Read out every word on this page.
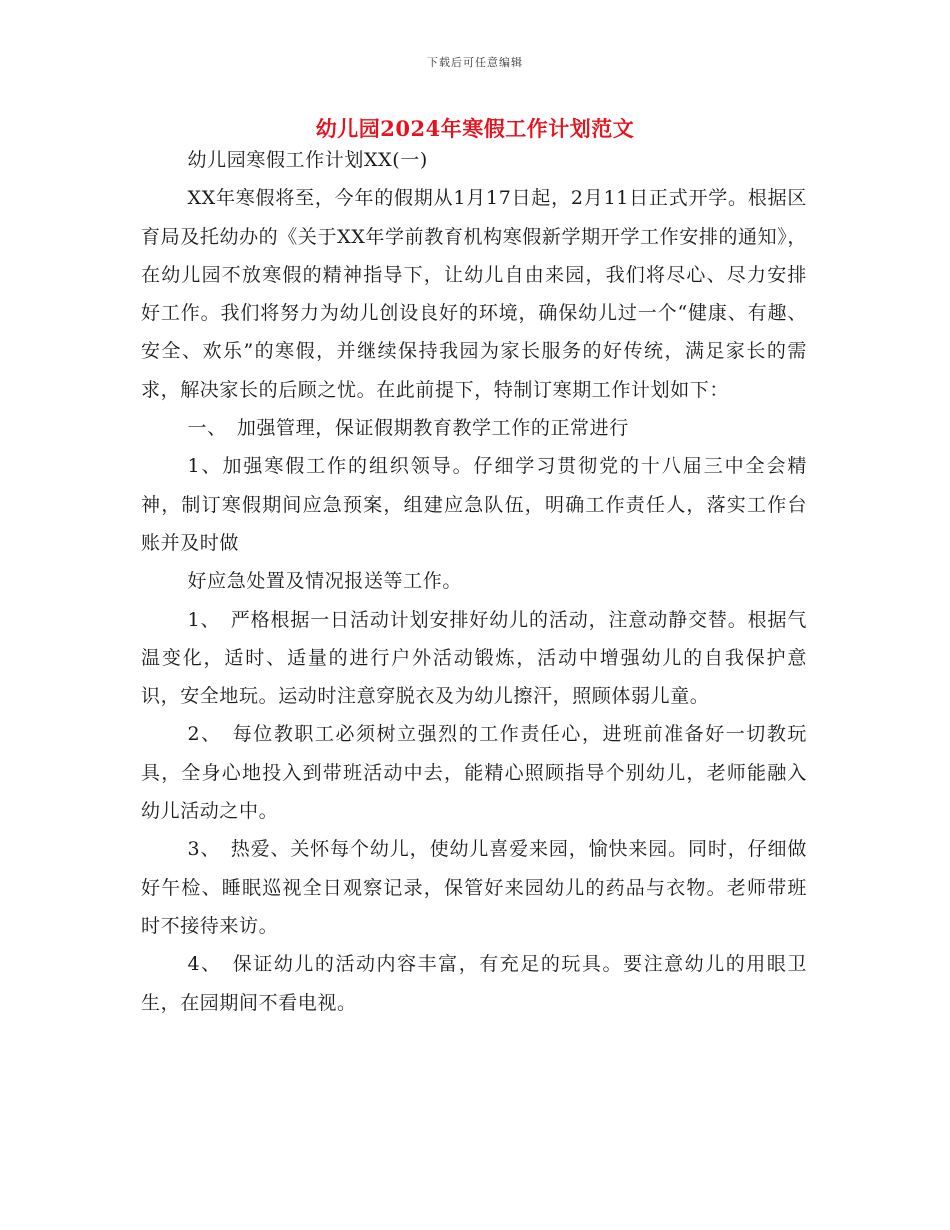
下载后可任意编辑
幼儿园2024年寒假工作计划范文

幼儿园寒假工作计划XX(一)

XX年寒假将至，今年的假期从1月17日起，2月11日正式开学。根据区育局及托幼办的《关于XX年学前教育机构寒假新学期开学工作安排的通知》，在幼儿园不放寒假的精神指导下，让幼儿自由来园，我们将尽心、尽力安排好工作。我们将努力为幼儿创设良好的环境，确保幼儿过一个“健康、有趣、安全、欢乐”的寒假，并继续保持我园为家长服务的好传统，满足家长的需求，解决家长的后顾之忧。在此前提下，特制订寒期工作计划如下：

一、　加强管理，保证假期教育教学工作的正常进行

1、加强寒假工作的组织领导。仔细学习贯彻党的十八届三中全会精神，制订寒假期间应急预案，组建应急队伍，明确工作责任人，落实工作台账并及时做

好应急处置及情况报送等工作。

1、　严格根据一日活动计划安排好幼儿的活动，注意动静交替。根据气温变化，适时、适量的进行户外活动锻炼，活动中增强幼儿的自我保护意识，安全地玩。运动时注意穿脱衣及为幼儿擦汗，照顾体弱儿童。

2、　每位教职工必须树立强烈的工作责任心，进班前准备好一切教玩具，全身心地投入到带班活动中去，能精心照顾指导个别幼儿，老师能融入幼儿活动之中。

3、　热爱、关怀每个幼儿，使幼儿喜爱来园，愉快来园。同时，仔细做好午检、睡眠巡视全日观察记录，保管好来园幼儿的药品与衣物。老师带班时不接待来访。

4、　保证幼儿的活动内容丰富，有充足的玩具。要注意幼儿的用眼卫生，在园期间不看电视。
